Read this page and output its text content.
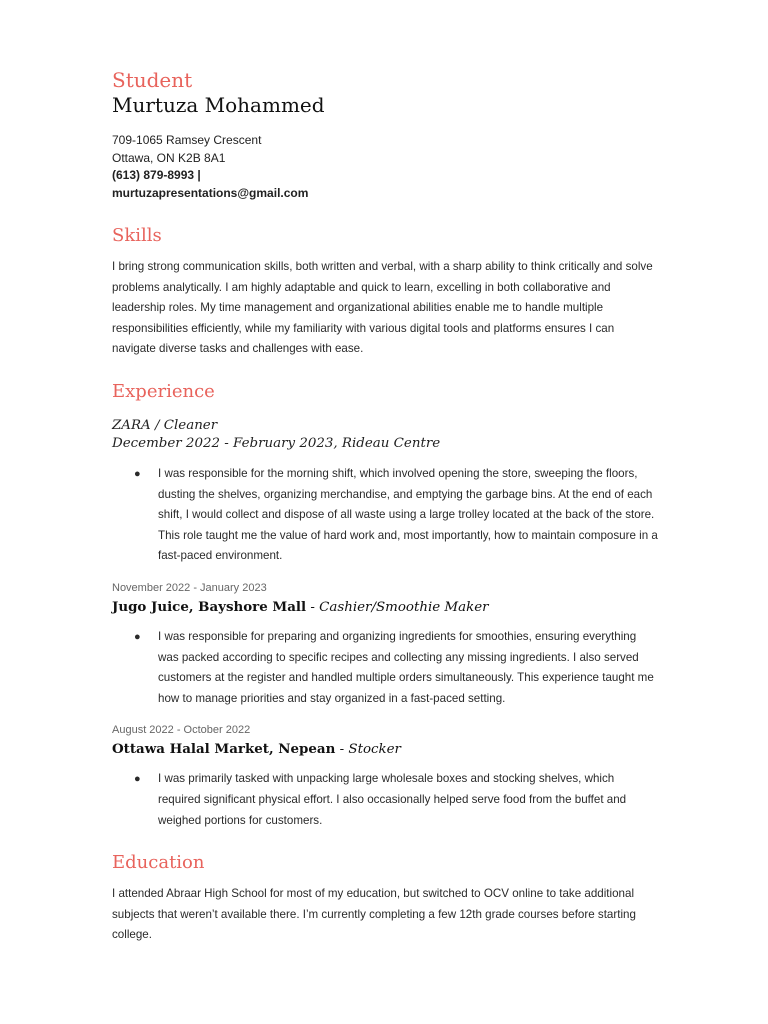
Student
Murtuza Mohammed
709-1065 Ramsey Crescent
Ottawa, ON K2B 8A1
(613) 879-8993 |
murtuzapresentations@gmail.com
Skills

I bring strong communication skills, both written and verbal, with a sharp ability to think critically and solve problems analytically. I am highly adaptable and quick to learn, excelling in both collaborative and leadership roles. My time management and organizational abilities enable me to handle multiple responsibilities efficiently, while my familiarity with various digital tools and platforms ensures I can navigate diverse tasks and challenges with ease.

Experience
ZARA / Cleaner
December 2022 - February 2023, Rideau Centre
● I was responsible for the morning shift, which involved opening the store, sweeping the floors, dusting the shelves, organizing merchandise, and emptying the garbage bins. At the end of each shift, I would collect and dispose of all waste using a large trolley located at the back of the store. This role taught me the value of hard work and, most importantly, how to maintain composure in a fast-paced environment.
November 2022 - January 2023
Jugo Juice, Bayshore Mall - Cashier/Smoothie Maker
● I was responsible for preparing and organizing ingredients for smoothies, ensuring everything was packed according to specific recipes and collecting any missing ingredients. I also served customers at the register and handled multiple orders simultaneously. This experience taught me how to manage priorities and stay organized in a fast-paced setting.
August 2022 - October 2022
Ottawa Halal Market, Nepean - Stocker
● I was primarily tasked with unpacking large wholesale boxes and stocking shelves, which required significant physical effort. I also occasionally helped serve food from the buffet and weighed portions for customers.
Education

I attended Abraar High School for most of my education, but switched to OCV online to take additional subjects that weren’t available there. I’m currently completing a few 12th grade courses before starting college.
